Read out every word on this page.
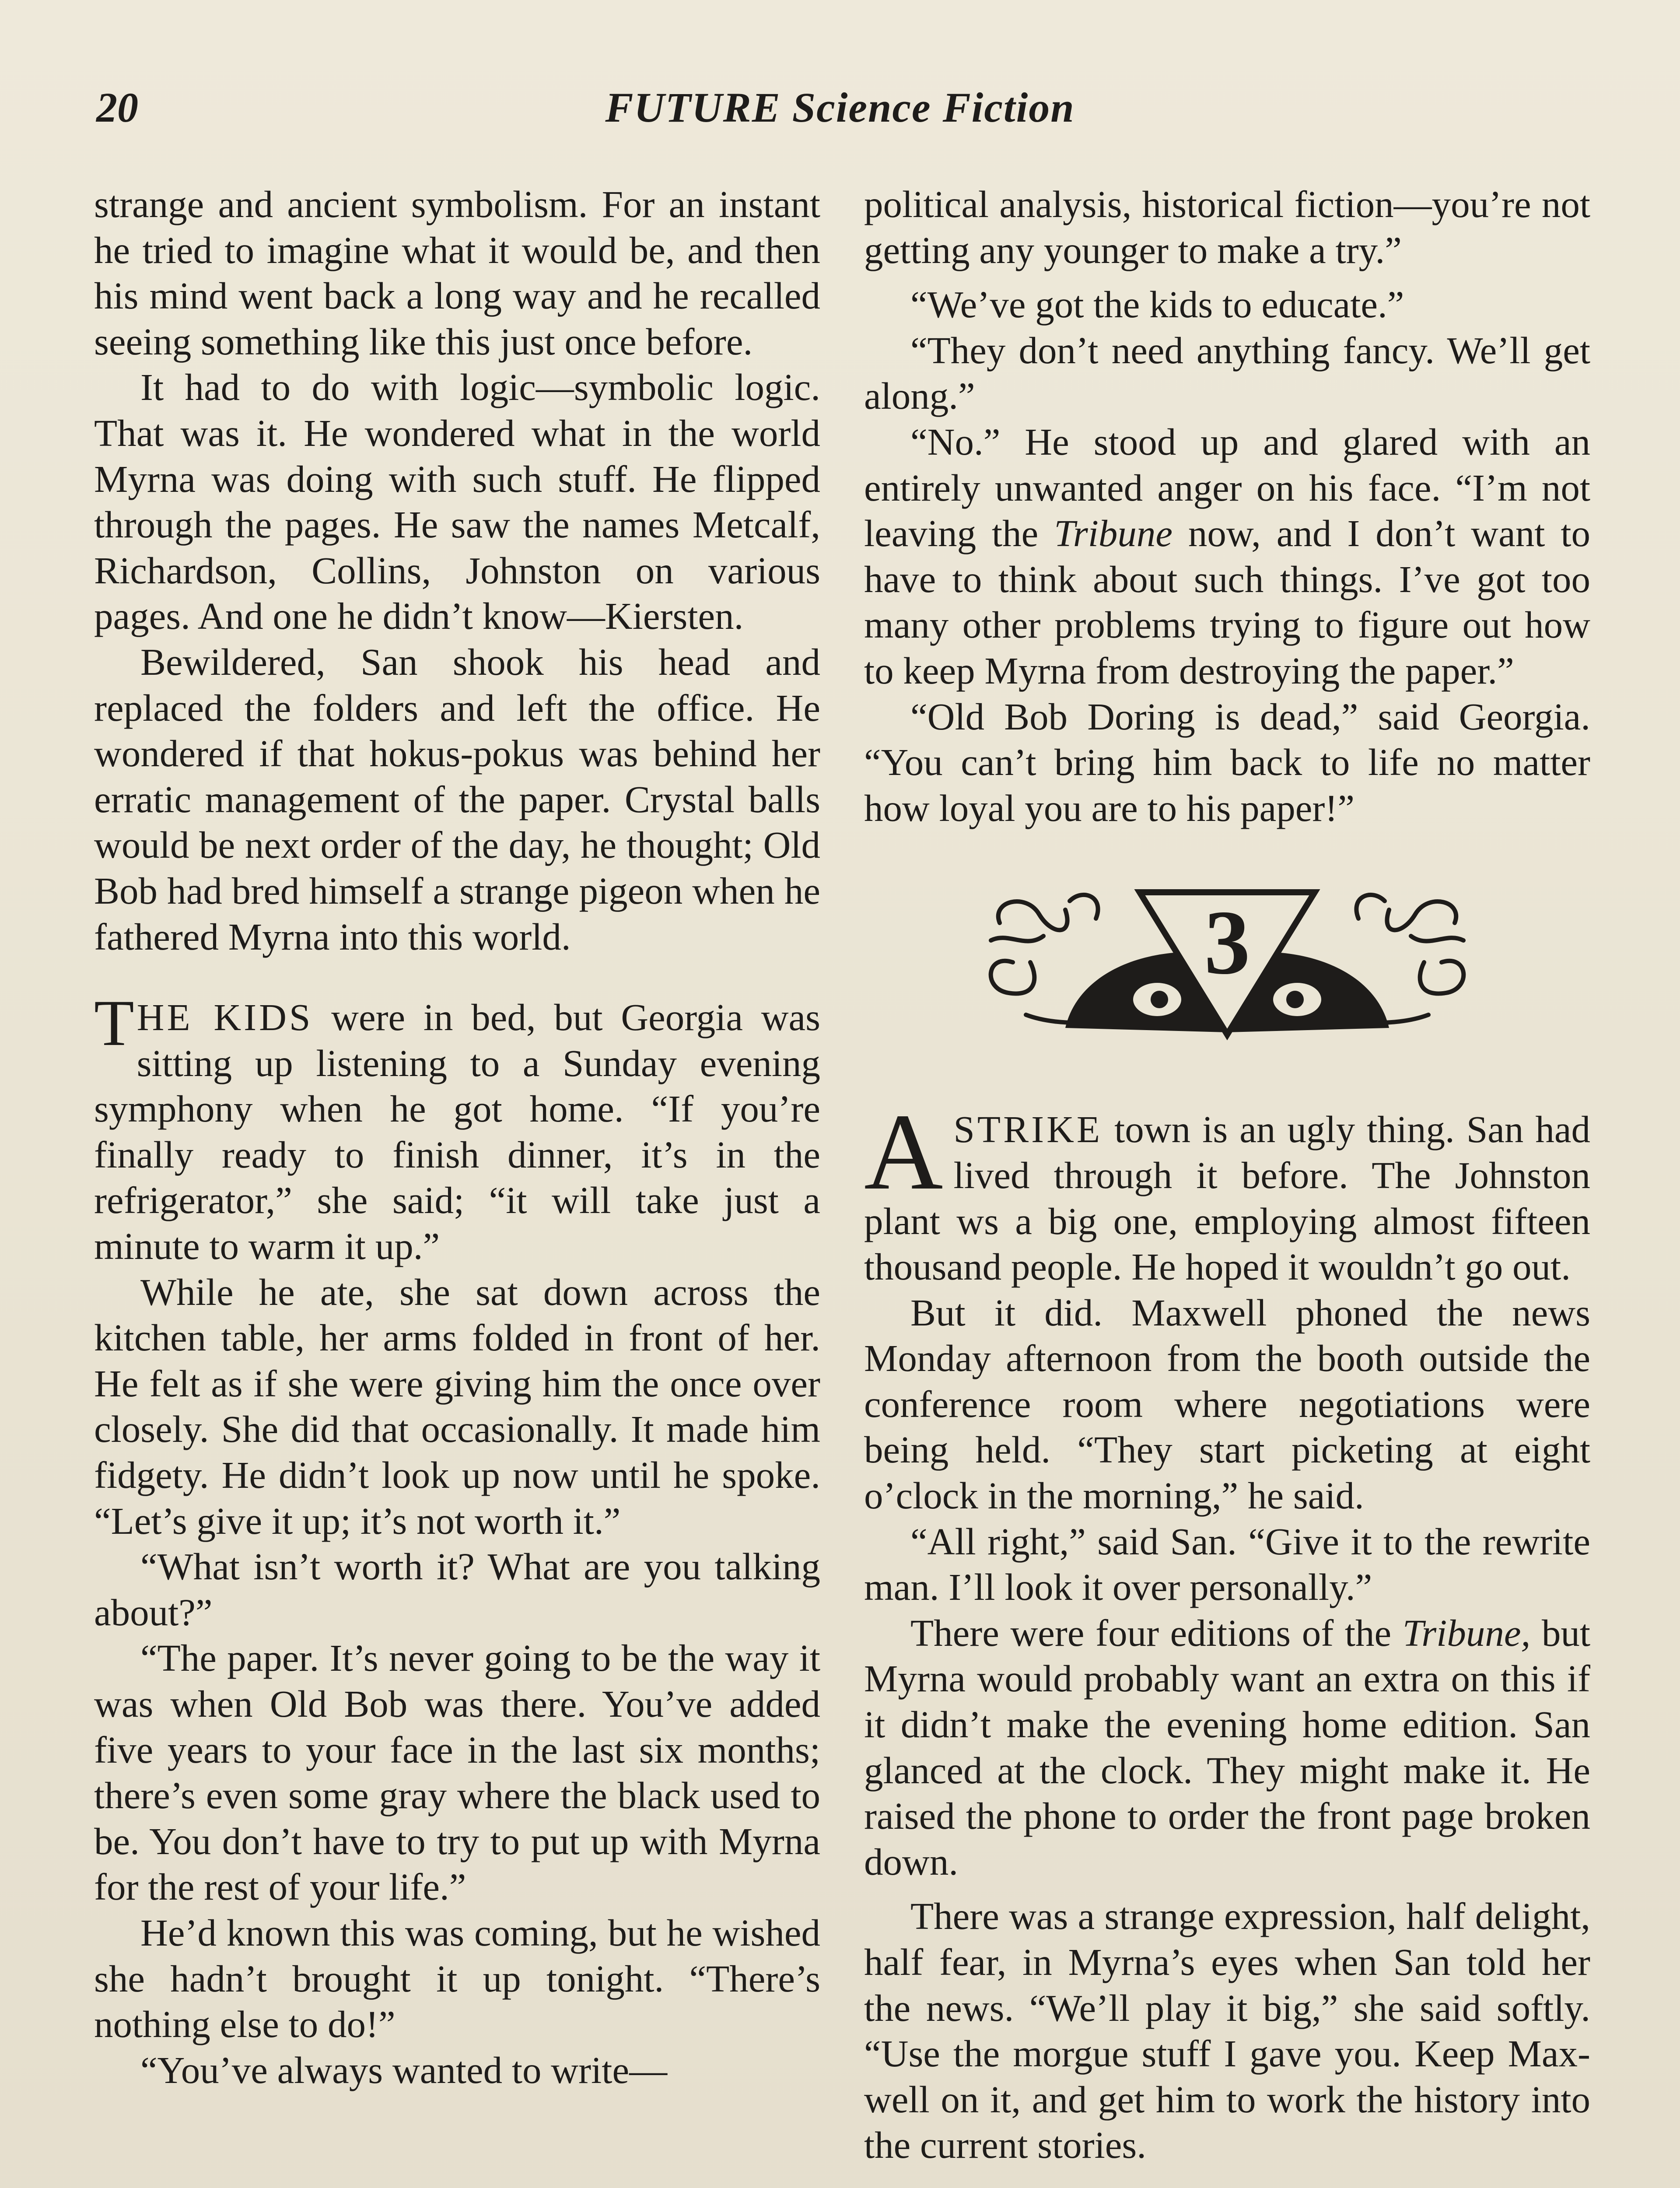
20	FUTURE Science Fiction

strange and ancient symbolism. For an instant he tried to imagine what it would be, and then his mind went back a long way and he recalled seeing something like this just once before.

It had to do with logic—symbolic logic. That was it. He wondered what in the world Myrna was doing with such stuff. He flipped through the pages. He saw the names Metcalf, Richardson, Collins, Johnston on various pages. And one he didn’t know—Kiersten.

Bewildered, San shook his head and replaced the folders and left the office. He wondered if that hokus-pokus was behind her erratic management of the paper. Crystal balls would be next order of the day, he thought; Old Bob had bred himself a strange pigeon when he fathered Myrna into this world.

THE KIDS were in bed, but Georgia was sitting up listening to a Sunday evening symphony when he got home. “If you’re finally ready to finish dinner, it’s in the refrigerator,” she said; “it will take just a minute to warm it up.”

While he ate, she sat down across the kitchen table, her arms folded in front of her. He felt as if she were giving him the once over closely. She did that occasionally. It made him fidgety. He didn’t look up now until he spoke. “Let’s give it up; it’s not worth it.”

“What isn’t worth it? What are you talking about?”

“The paper. It’s never going to be the way it was when Old Bob was there. You’ve added five years to your face in the last six months; there’s even some gray where the black used to be. You don’t have to try to put up with Myrna for the rest of your life.”

He’d known this was coming, but he wished she hadn’t brought it up tonight. “There’s nothing else to do!”

“You’ve always wanted to write—

political analysis, historical fiction—you’re not getting any younger to make a try.”

“We’ve got the kids to educate.”

“They don’t need anything fancy. We’ll get along.”

“No.” He stood up and glared with an entirely unwanted anger on his face. “I’m not leaving the Tribune now, and I don’t want to have to think about such things. I’ve got too many other problems trying to figure out how to keep Myrna from destroying the paper.”

“Old Bob Doring is dead,” said Georgia. “You can’t bring him back to life no matter how loyal you are to his paper!”

3

ASTRIKE town is an ugly thing. San had lived through it before. The Johnston plant ws a big one, employing almost fifteen thousand people. He hoped it wouldn’t go out.

But it did. Maxwell phoned the news Monday afternoon from the booth outside the conference room where negotiations were being held. “They start picketing at eight o’clock in the morning,” he said.

“All right,” said San. “Give it to the rewrite man. I’ll look it over personally.”

There were four editions of the Tribune, but Myrna would probably want an extra on this if it didn’t make the evening home edition. San glanced at the clock. They might make it. He raised the phone to order the front page broken down.

There was a strange expression, half delight, half fear, in Myrna’s eyes when San told her the news. “We’ll play it big,” she said softly. “Use the morgue stuff I gave you. Keep Maxwell on it, and get him to work the history into the current stories.
